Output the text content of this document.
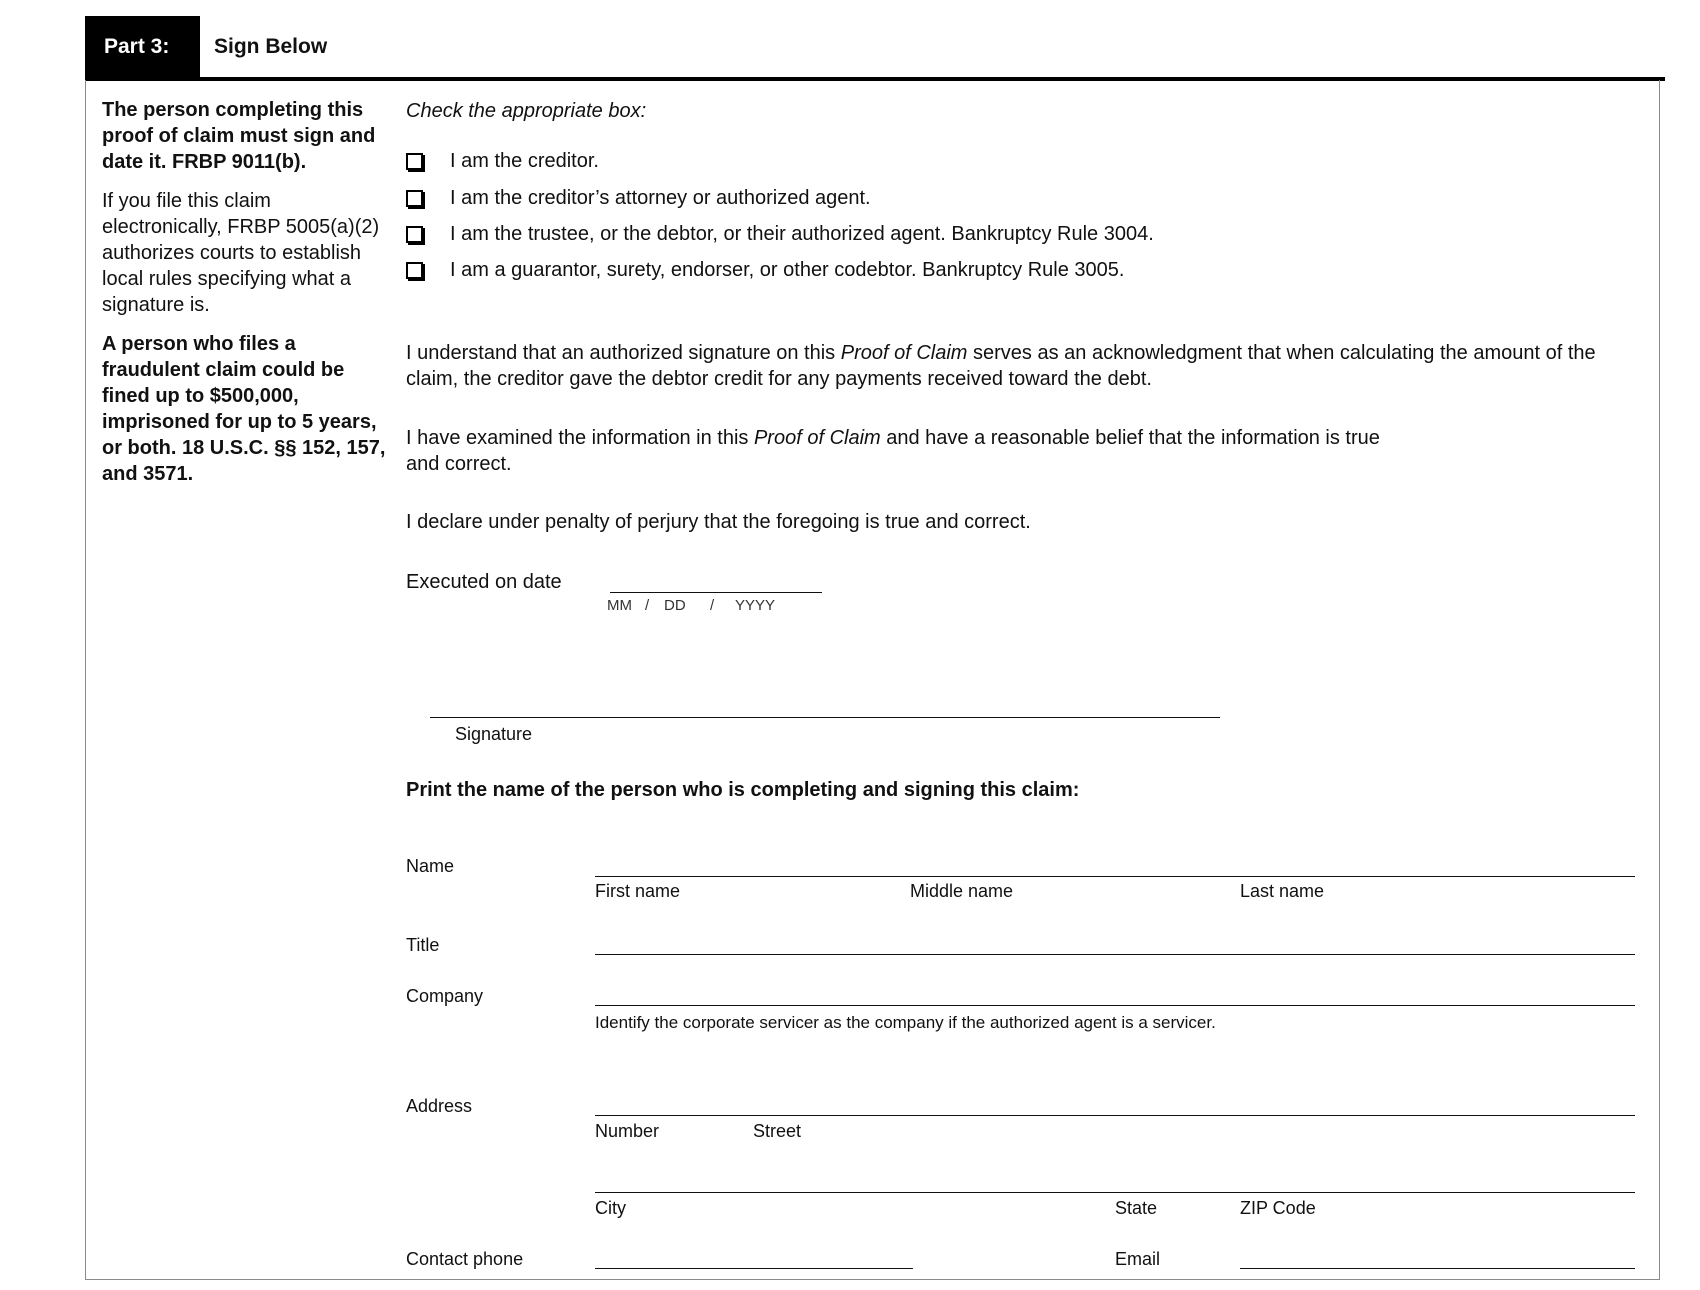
Part 3:	Sign Below

The person completing this proof of claim must sign and date it. FRBP 9011(b).

If you file this claim electronically, FRBP 5005(a)(2) authorizes courts to establish local rules specifying what a signature is.

A person who files a fraudulent claim could be fined up to $500,000, imprisoned for up to 5 years, or both. 18 U.S.C. §§ 152, 157, and 3571.

Check the appropriate box:
I am the creditor.
I am the creditor’s attorney or authorized agent.
I am the trustee, or the debtor, or their authorized agent. Bankruptcy Rule 3004.
I am a guarantor, surety, endorser, or other codebtor. Bankruptcy Rule 3005.
I understand that an authorized signature on this Proof of Claim serves as an acknowledgment that when calculating the amount of the claim, the creditor gave the debtor credit for any payments received toward the debt.
I have examined the information in this Proof of Claim and have a reasonable belief that the information is true
and correct.
I declare under penalty of perjury that the foregoing is true and correct.
Executed on date
MM / DD / YYYY
Signature
Print the name of the person who is completing and signing this claim:
Name
First name	Middle name	Last name
Title
Company
Identify the corporate servicer as the company if the authorized agent is a servicer.
Address
Number	Street
City	State	ZIP Code
Contact phone	Email
